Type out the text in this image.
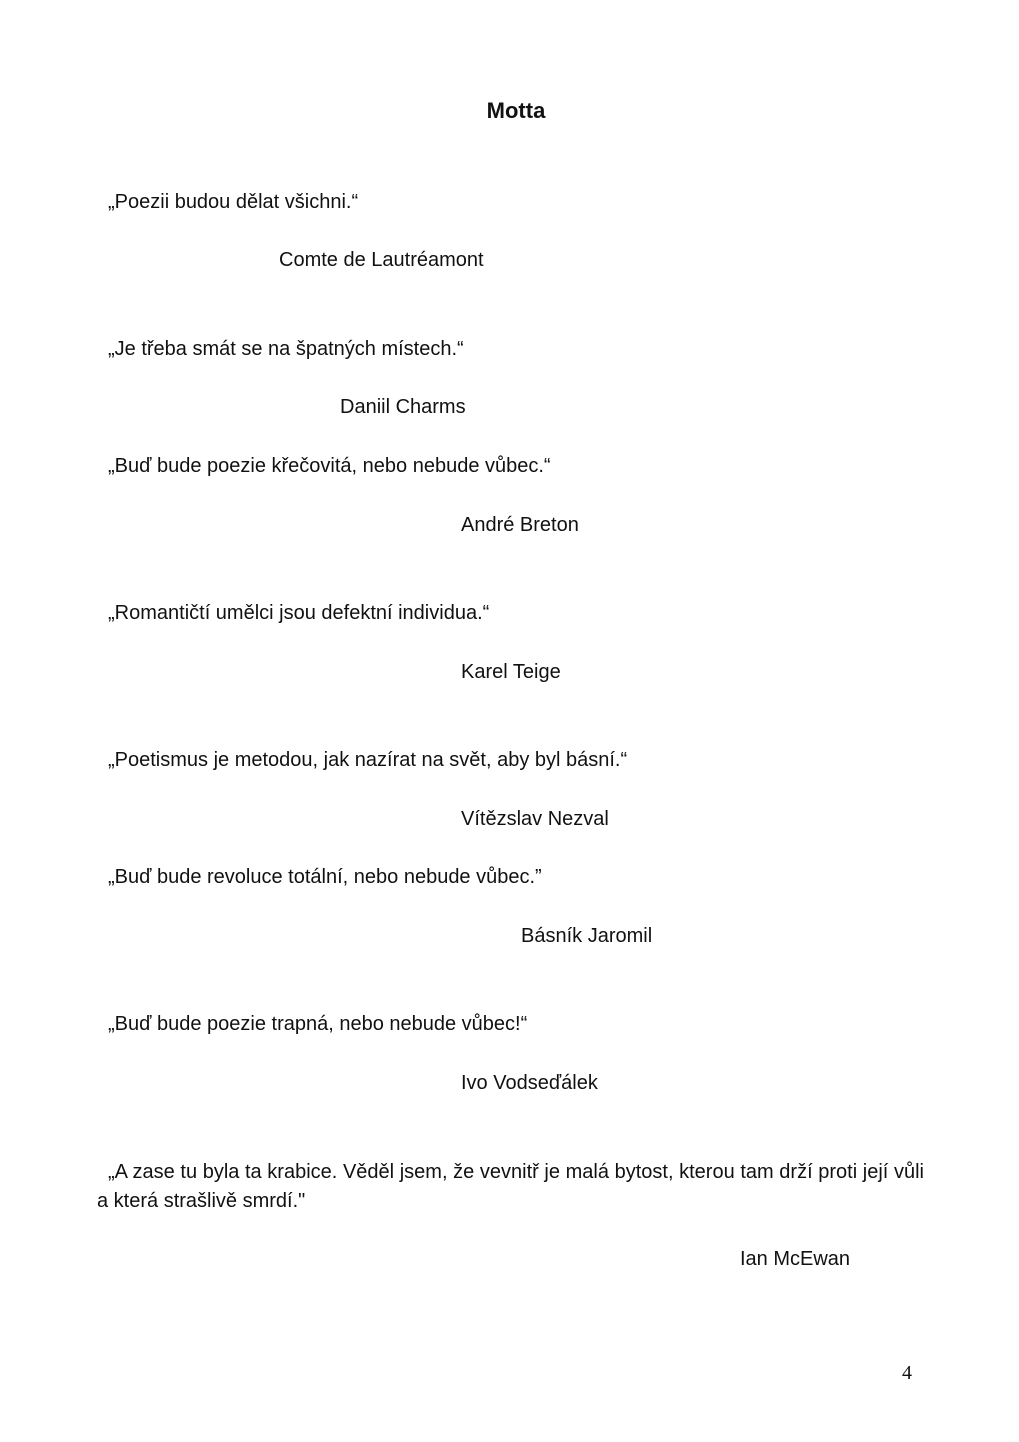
Motta

„Poezii budou dělat všichni.“

Comte de Lautréamont

„Je třeba smát se na špatných místech.“

Daniil Charms

„Buď bude poezie křečovitá, nebo nebude vůbec.“

André Breton

„Romantičtí umělci jsou defektní individua.“

Karel Teige

„Poetismus je metodou, jak nazírat na svět, aby byl básní.“

Vítězslav Nezval

„Buď bude revoluce totální, nebo nebude vůbec.”

Básník Jaromil

„Buď bude poezie trapná, nebo nebude vůbec!“

Ivo Vodseďálek

„A zase tu byla ta krabice. Věděl jsem, že vevnitř je malá bytost, kterou tam drží proti její vůli a která strašlivě smrdí."

Ian McEwan

4
